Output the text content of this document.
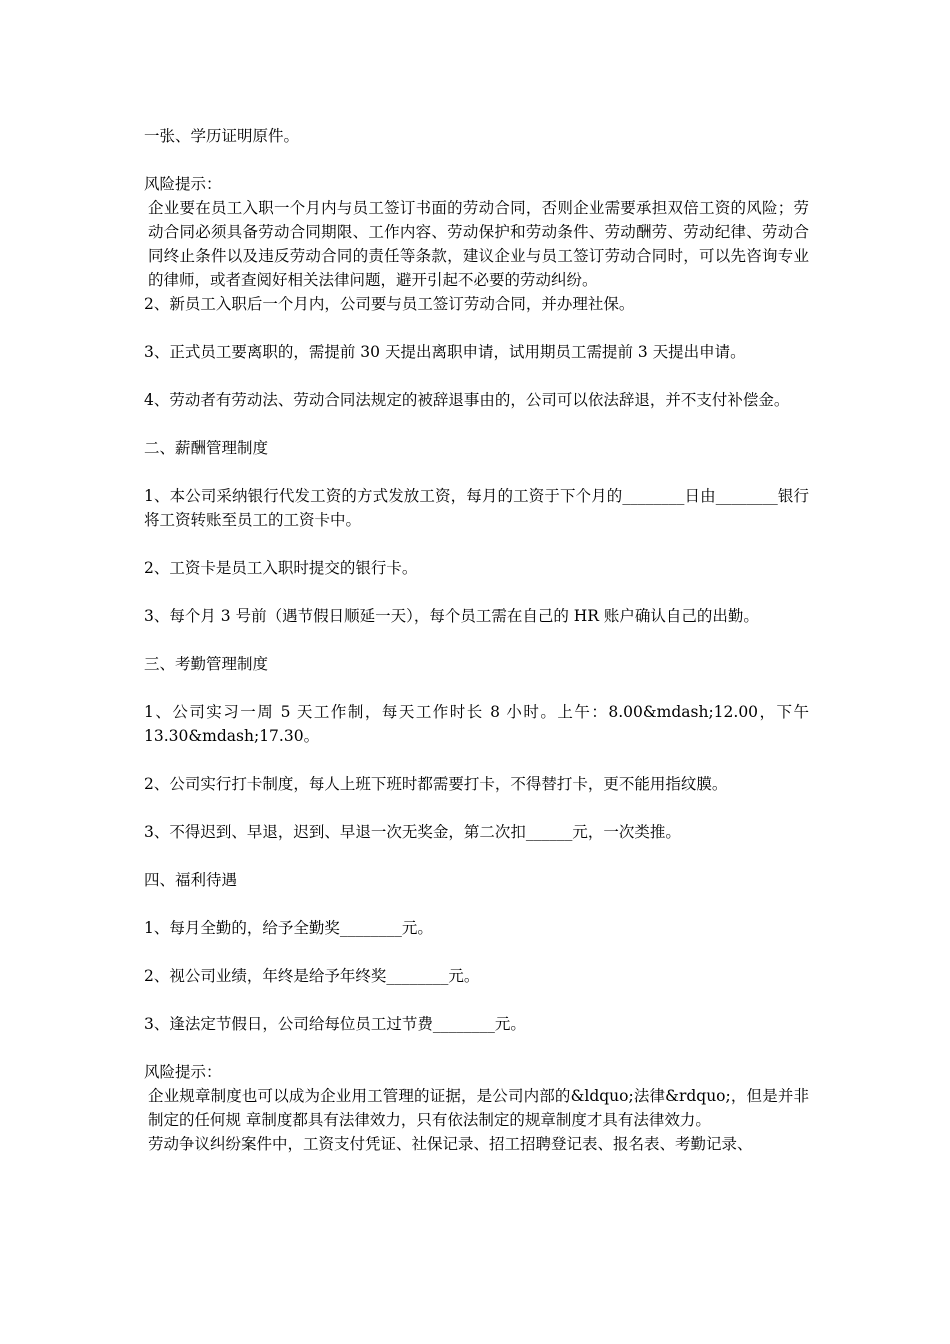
一张、学历证明原件。
风险提示：
企业要在员工入职一个月内与员工签订书面的劳动合同，否则企业需要承担双倍工资的风险；劳动合同必须具备劳动合同期限、工作内容、劳动保护和劳动条件、劳动酬劳、劳动纪律、劳动合同终止条件以及违反劳动合同的责任等条款，建议企业与员工签订劳动合同时，可以先咨询专业的律师，或者查阅好相关法律问题，避开引起不必要的劳动纠纷。
2、新员工入职后一个月内，公司要与员工签订劳动合同，并办理社保。
3、正式员工要离职的，需提前 30 天提出离职申请，试用期员工需提前 3 天提出申请。
4、劳动者有劳动法、劳动合同法规定的被辞退事由的，公司可以依法辞退，并不支付补偿金。
二、薪酬管理制度
1、本公司采纳银行代发工资的方式发放工资，每月的工资于下个月的________日由________银行将工资转账至员工的工资卡中。
2、工资卡是员工入职时提交的银行卡。
3、每个月 3 号前（遇节假日顺延一天），每个员工需在自己的 HR 账户确认自己的出勤。
三、考勤管理制度
1、公司实习一周 5 天工作制，每天工作时长 8 小时。上午：8.00&mdash;12.00，下午 13.30&mdash;17.30。
2、公司实行打卡制度，每人上班下班时都需要打卡，不得替打卡，更不能用指纹膜。
3、不得迟到、早退，迟到、早退一次无奖金，第二次扣______元，一次类推。
四、福利待遇
1、每月全勤的，给予全勤奖________元。
2、视公司业绩，年终是给予年终奖________元。
3、逢法定节假日，公司给每位员工过节费________元。
风险提示：
企业规章制度也可以成为企业用工管理的证据，是公司内部的&ldquo;法律&rdquo;，但是并非制定的任何规 章制度都具有法律效力，只有依法制定的规章制度才具有法律效力。
劳动争议纠纷案件中，工资支付凭证、社保记录、招工招聘登记表、报名表、考勤记录、
